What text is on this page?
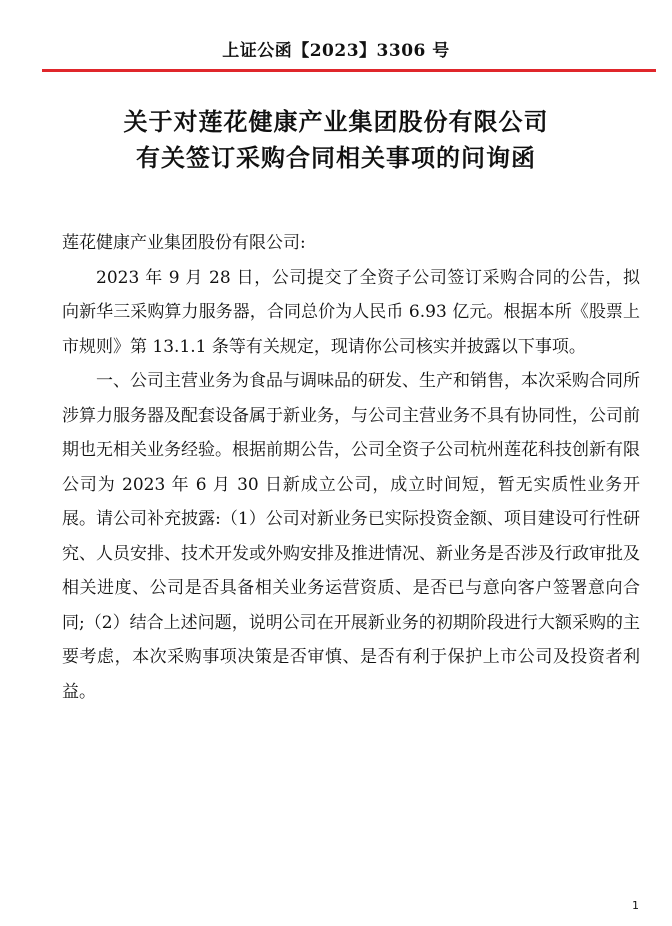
上证公函【2023】3306 号
关于对莲花健康产业集团股份有限公司
有关签订采购合同相关事项的问询函

莲花健康产业集团股份有限公司:

2023 年 9 月 28 日，公司提交了全资子公司签订采购合同的公告，拟向新华三采购算力服务器，合同总价为人民币 6.93 亿元。根据本所《股票上市规则》第 13.1.1 条等有关规定，现请你公司核实并披露以下事项。

一、公司主营业务为食品与调味品的研发、生产和销售，本次采购合同所涉算力服务器及配套设备属于新业务，与公司主营业务不具有协同性，公司前期也无相关业务经验。根据前期公告，公司全资子公司杭州莲花科技创新有限公司为 2023 年 6 月 30 日新成立公司，成立时间短，暂无实质性业务开展。请公司补充披露:（1）公司对新业务已实际投资金额、项目建设可行性研究、人员安排、技术开发或外购安排及推进情况、新业务是否涉及行政审批及相关进度、公司是否具备相关业务运营资质、是否已与意向客户签署意向合同;（2）结合上述问题，说明公司在开展新业务的初期阶段进行大额采购的主要考虑，本次采购事项决策是否审慎、是否有利于保护上市公司及投资者利益。

1
